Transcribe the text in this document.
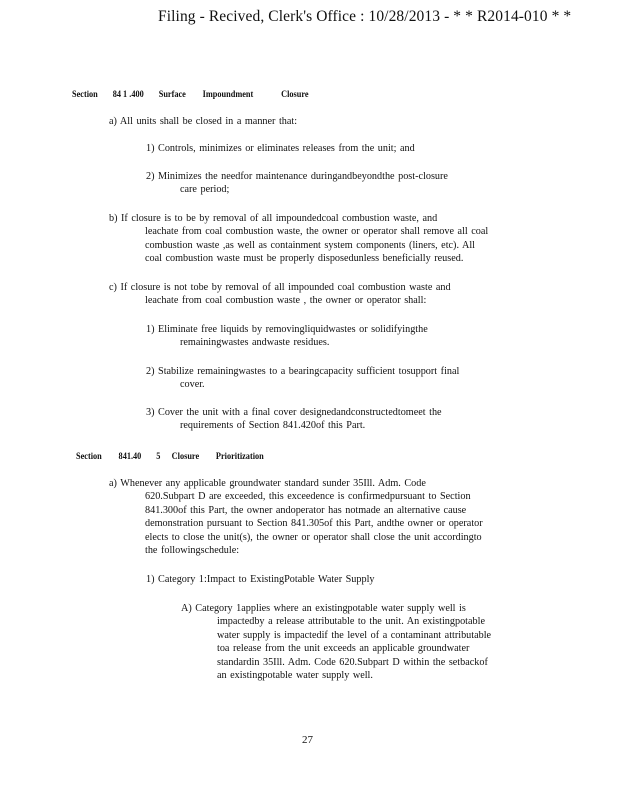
Filing - Recived, Clerk's Office : 10/28/2013 - * * R2014-010 * *
Section 84 1 .400 Surface Impoundment	Closure
a) All units shall be closed in a manner that:
1) Controls, minimizes or eliminates releases from the unit; and
2) Minimizes the needfor maintenance duringandbeyondthe post-closure
care period;
b) If closure is to be by removal of all impoundedcoal combustion waste, and
leachate from coal combustion waste, the owner or operator shall remove all coal
combustion waste ,as well as containment system components (liners, etc). All
coal combustion waste must be properly disposedunless beneficially reused.
c) If closure is not tobe by removal of all impounded coal combustion waste and
leachate from coal combustion waste , the owner or operator shall:
1) Eliminate free liquids by removingliquidwastes or solidifyingthe
remainingwastes andwaste residues.
2) Stabilize remainingwastes to a bearingcapacity sufficient tosupport final
cover.
3) Cover the unit with a final cover designedandconstructedtomeet the
requirements of Section 841.420of this Part.
Section 841.40 5 Closure Prioritization
a) Whenever any applicable groundwater standard sunder 35Ill. Adm. Code
620.Subpart D are exceeded, this exceedence is confirmedpursuant to Section
841.300of this Part, the owner andoperator has notmade an alternative cause
demonstration pursuant to Section 841.305of this Part, andthe owner or operator
elects to close the unit(s), the owner or operator shall close the unit accordingto
the followingschedule:
1) Category 1:Impact to ExistingPotable Water Supply
A) Category 1applies where an existingpotable water supply well is
impactedby a release attributable to the unit. An existingpotable
water supply is impactedif the level of a contaminant attributable
toa release from the unit exceeds an applicable groundwater
standardin 35Ill. Adm. Code 620.Subpart D within the setbackof
an existingpotable water supply well.
27
